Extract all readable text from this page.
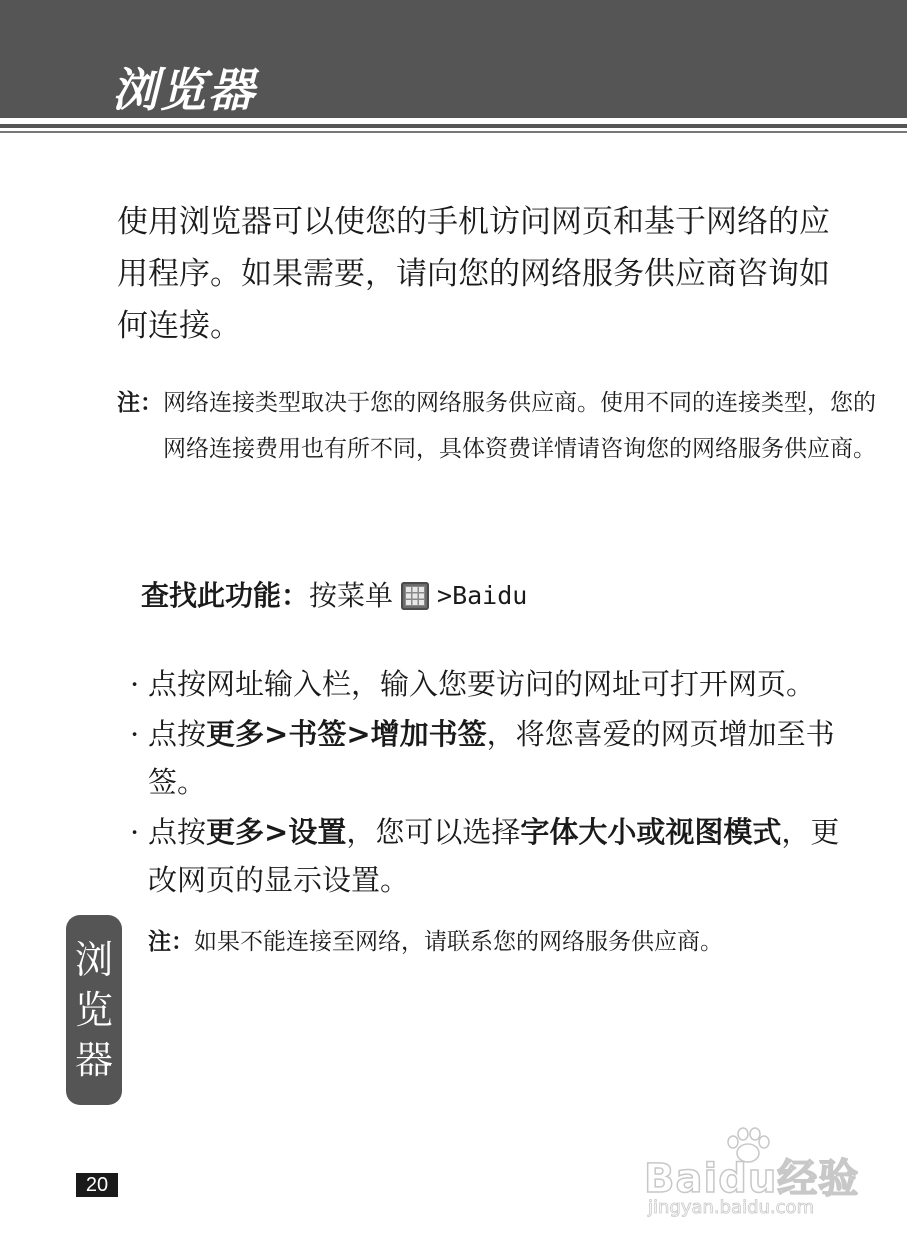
浏览器

使用浏览器可以使您的手机访问网页和基于网络的应用程序。如果需要，请向您的网络服务供应商咨询如何连接。

注：网络连接类型取决于您的网络服务供应商。使用不同的连接类型，您的网络连接费用也有所不同，具体资费详情请咨询您的网络服务供应商。

查找此功能： 按菜单 >Baidu
· 点按网址输入栏，输入您要访问的网址可打开网页。
· 点按更多>书签>增加书签，将您喜爱的网页增加至书签。
· 点按更多>设置，您可以选择字体大小或视图模式，更改网页的显示设置。

注：如果不能连接至网络，请联系您的网络服务供应商。

浏
览
器
20	Baidu经验
jingyan.baidu.com
